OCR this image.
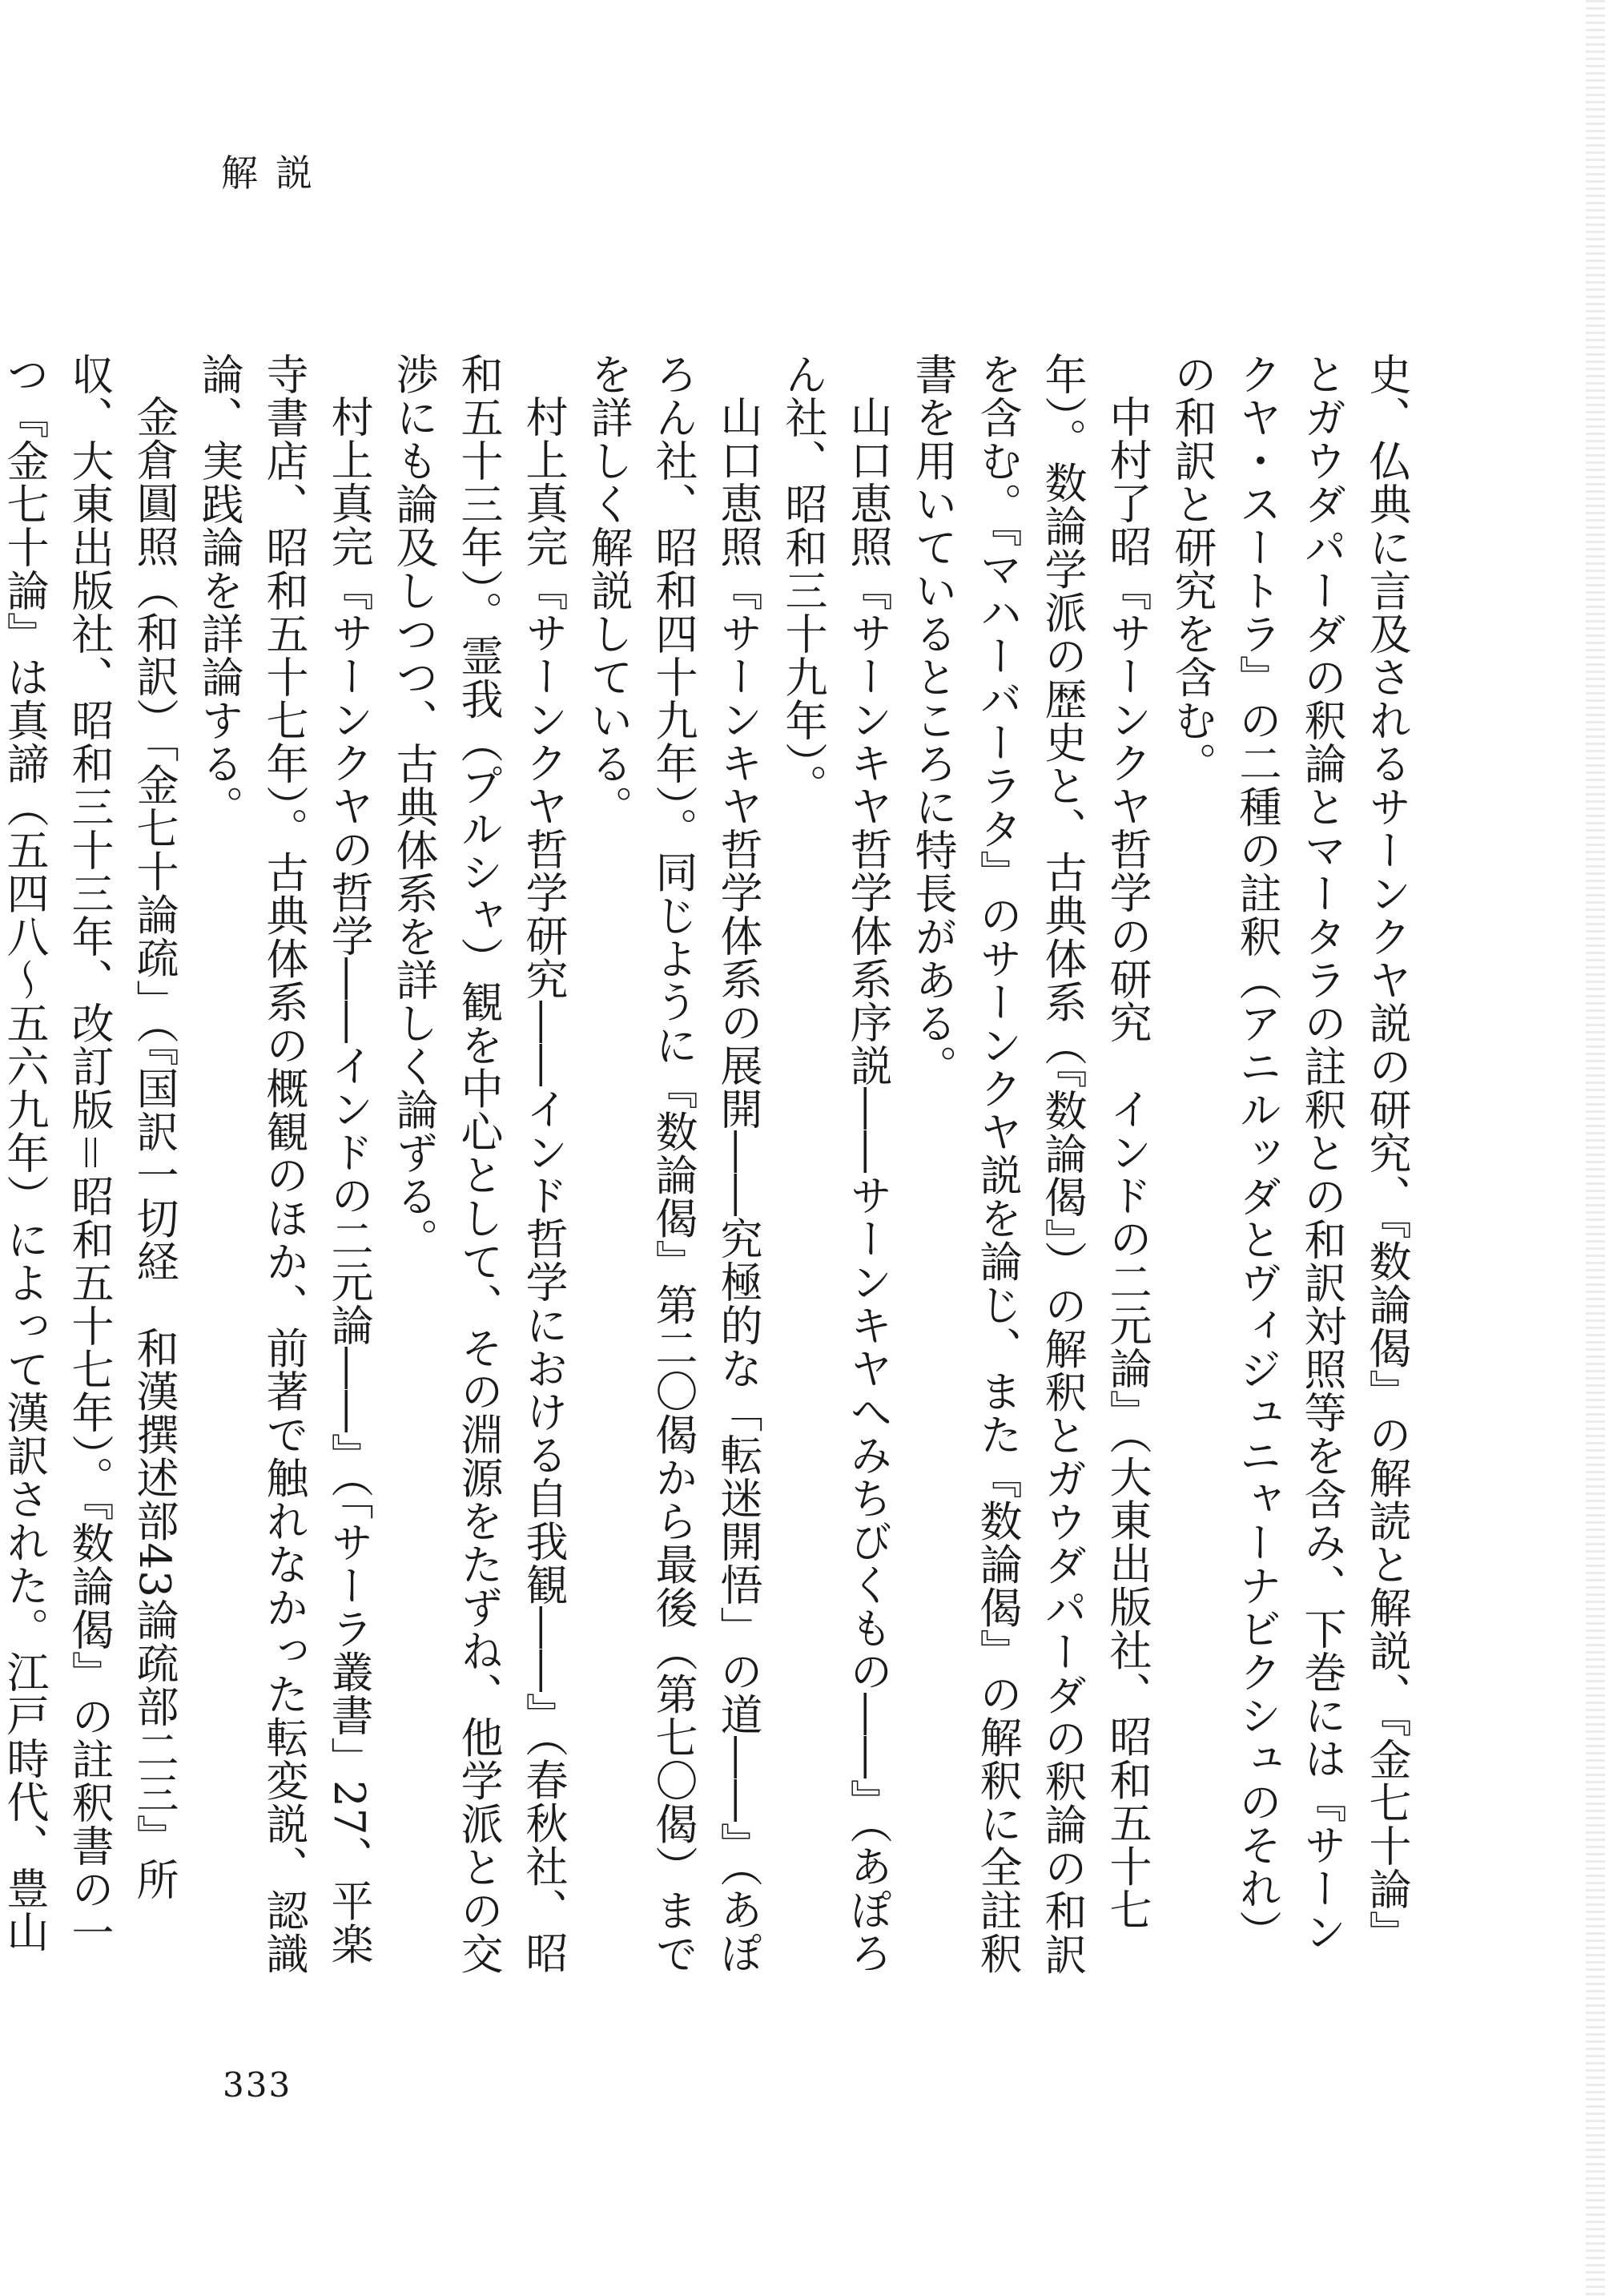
解説

史、仏典に言及されるサーンクヤ説の研究、『数論偈』の解読と解説、『金七十論』とガウダパーダの釈論とマータラの註釈との和訳対照等を含み、下巻には『サーンクヤ・スートラ』の二種の註釈（アニルッダとヴィジュニャーナビクシュのそれ）の和訳と研究を含む。

中村了昭『サーンクヤ哲学の研究　インドの二元論』（大東出版社、昭和五十七年）。数論学派の歴史と、古典体系（『数論偈』）の解釈とガウダパーダの釈論の和訳を含む。『マハーバーラタ』のサーンクヤ説を論じ、また『数論偈』の解釈に全註釈書を用いているところに特長がある。

山口恵照『サーンキヤ哲学体系序説――サーンキヤへみちびくもの――』（あぽろん社、昭和三十九年）。

山口恵照『サーンキヤ哲学体系の展開――究極的な「転迷開悟」の道――』（あぽろん社、昭和四十九年）。同じように『数論偈』第二〇偈から最後（第七〇偈）までを詳しく解説している。

村上真完『サーンクヤ哲学研究――インド哲学における自我観――』（春秋社、昭和五十三年）。霊我（プルシャ）観を中心として、その淵源をたずね、他学派との交渉にも論及しつつ、古典体系を詳しく論ずる。

村上真完『サーンクヤの哲学――インドの二元論――』（「サーラ叢書」27、平楽寺書店、昭和五十七年）。古典体系の概観のほか、前著で触れなかった転変説、認識論、実践論を詳論する。

金倉圓照（和訳）「金七十論疏」（『国訳一切経　和漢撰述部43論疏部二三』所収、大東出版社、昭和三十三年、改訂版＝昭和五十七年）。『数論偈』の註釈書の一つ『金七十論』は真諦（五四八〜五六九年）によって漢訳された。江戸時代、豊山

333
